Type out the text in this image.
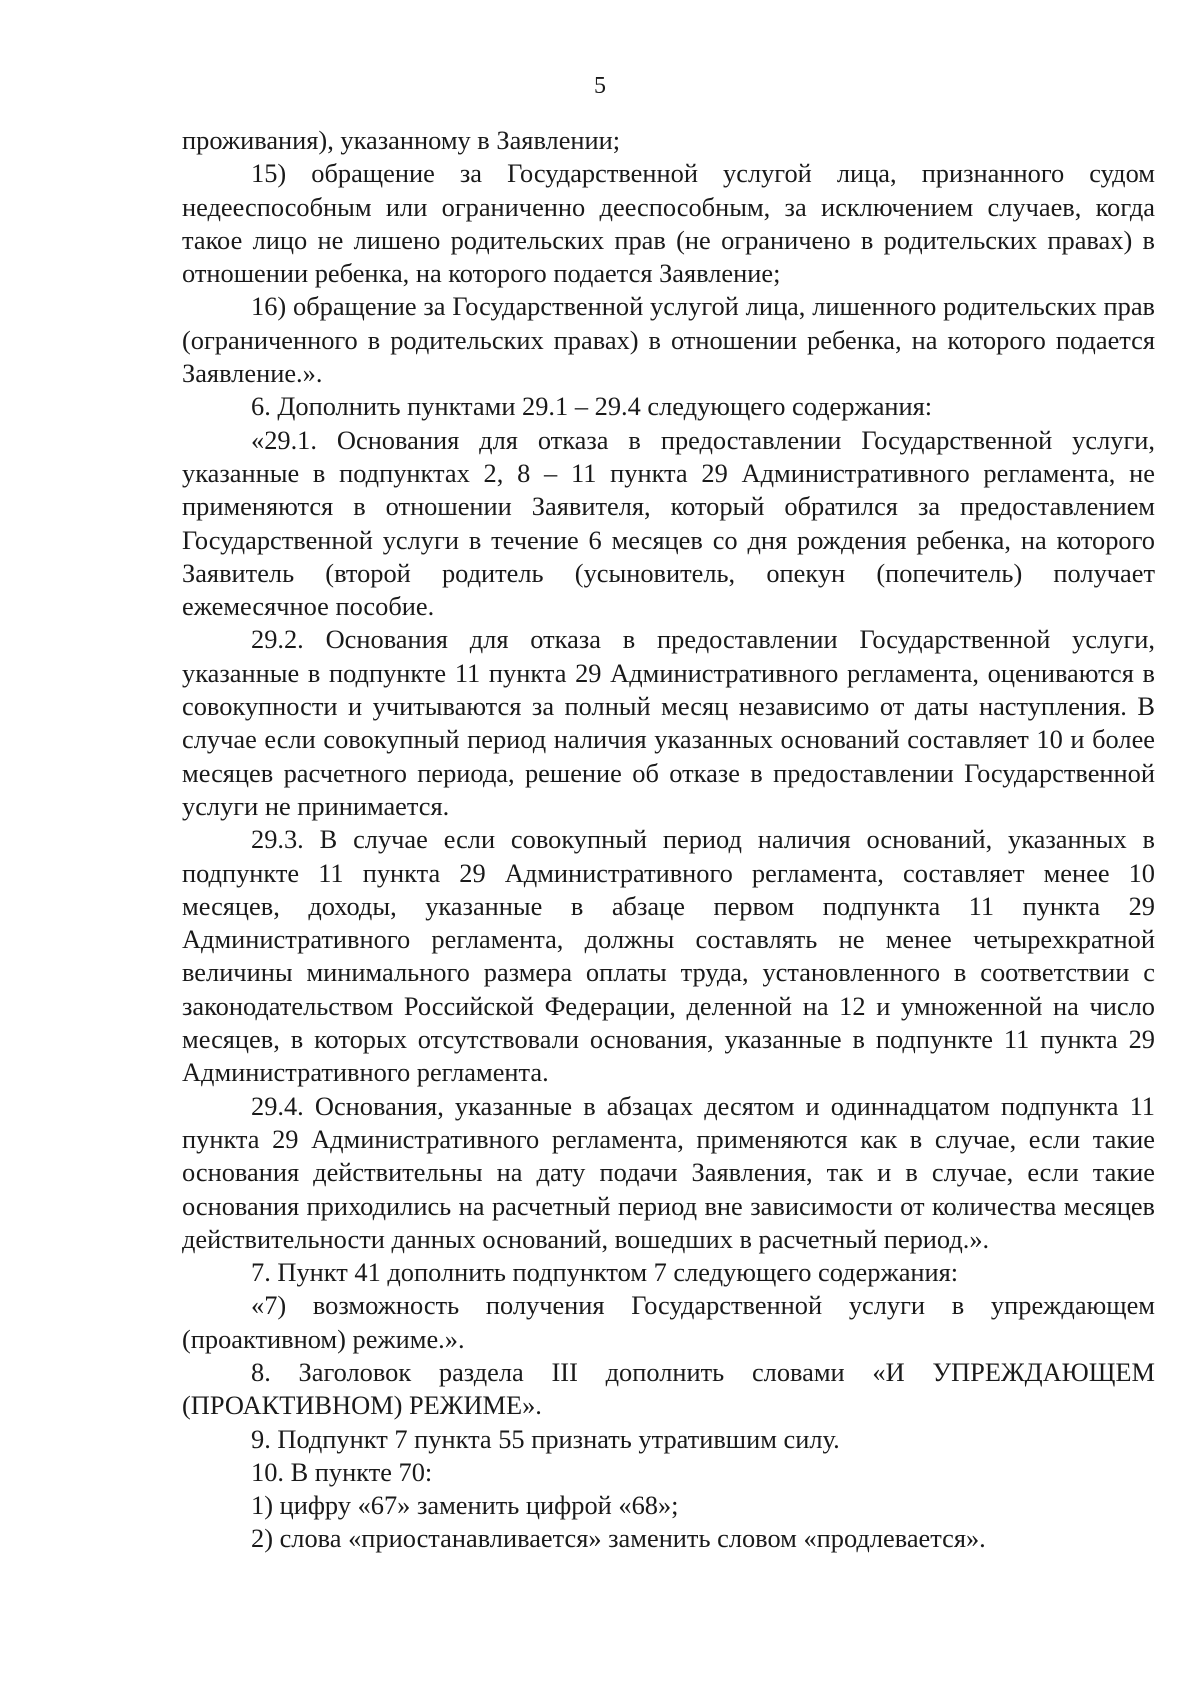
5

проживания), указанному в Заявлении;

15) обращение за Государственной услугой лица, признанного судом недееспособным или ограниченно дееспособным, за исключением случаев, когда такое лицо не лишено родительских прав (не ограничено в родительских правах) в отношении ребенка, на которого подается Заявление;

16) обращение за Государственной услугой лица, лишенного родительских прав (ограниченного в родительских правах) в отношении ребенка, на которого подается Заявление.».

6. Дополнить пунктами 29.1 – 29.4 следующего содержания:

«29.1. Основания для отказа в предоставлении Государственной услуги, указанные в подпунктах 2, 8 – 11 пункта 29 Административного регламента, не применяются в отношении Заявителя, который обратился за предоставлением Государственной услуги в течение 6 месяцев со дня рождения ребенка, на которого Заявитель (второй родитель (усыновитель, опекун (попечитель) получает ежемесячное пособие.

29.2. Основания для отказа в предоставлении Государственной услуги, указанные в подпункте 11 пункта 29 Административного регламента, оцениваются в совокупности и учитываются за полный месяц независимо от даты наступления. В случае если совокупный период наличия указанных оснований составляет 10 и более месяцев расчетного периода, решение об отказе в предоставлении Государственной услуги не принимается.

29.3. В случае если совокупный период наличия оснований, указанных в подпункте 11 пункта 29 Административного регламента, составляет менее 10 месяцев, доходы, указанные в абзаце первом подпункта 11 пункта 29 Административного регламента, должны составлять не менее четырехкратной величины минимального размера оплаты труда, установленного в соответствии с законодательством Российской Федерации, деленной на 12 и умноженной на число месяцев, в которых отсутствовали основания, указанные в подпункте 11 пункта 29 Административного регламента.

29.4. Основания, указанные в абзацах десятом и одиннадцатом подпункта 11 пункта 29 Административного регламента, применяются как в случае, если такие основания действительны на дату подачи Заявления, так и в случае, если такие основания приходились на расчетный период вне зависимости от количества месяцев действительности данных оснований, вошедших в расчетный период.».

7. Пункт 41 дополнить подпунктом 7 следующего содержания:

«7) возможность получения Государственной услуги в упреждающем (проактивном) режиме.».

8. Заголовок раздела III дополнить словами «И УПРЕЖДАЮЩЕМ (ПРОАКТИВНОМ) РЕЖИМЕ».

9. Подпункт 7 пункта 55 признать утратившим силу.

10. В пункте 70:

1) цифру «67» заменить цифрой «68»;

2) слова «приостанавливается» заменить словом «продлевается».
